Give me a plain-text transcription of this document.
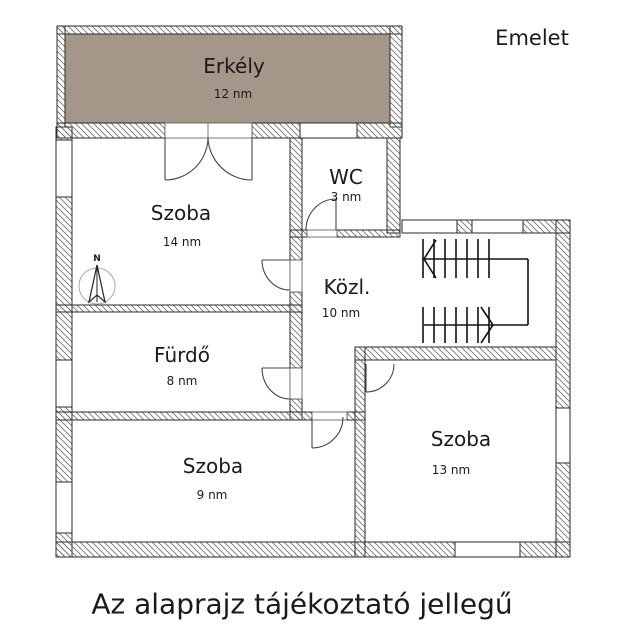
Emelet
Erkély
12 nm
Szoba
14 nm
WC
3 nm
Közl.
10 nm
Fürdő
8 nm
Szoba
9 nm
Szoba
13 nm
N
Az alaprajz tájékoztató jellegű
